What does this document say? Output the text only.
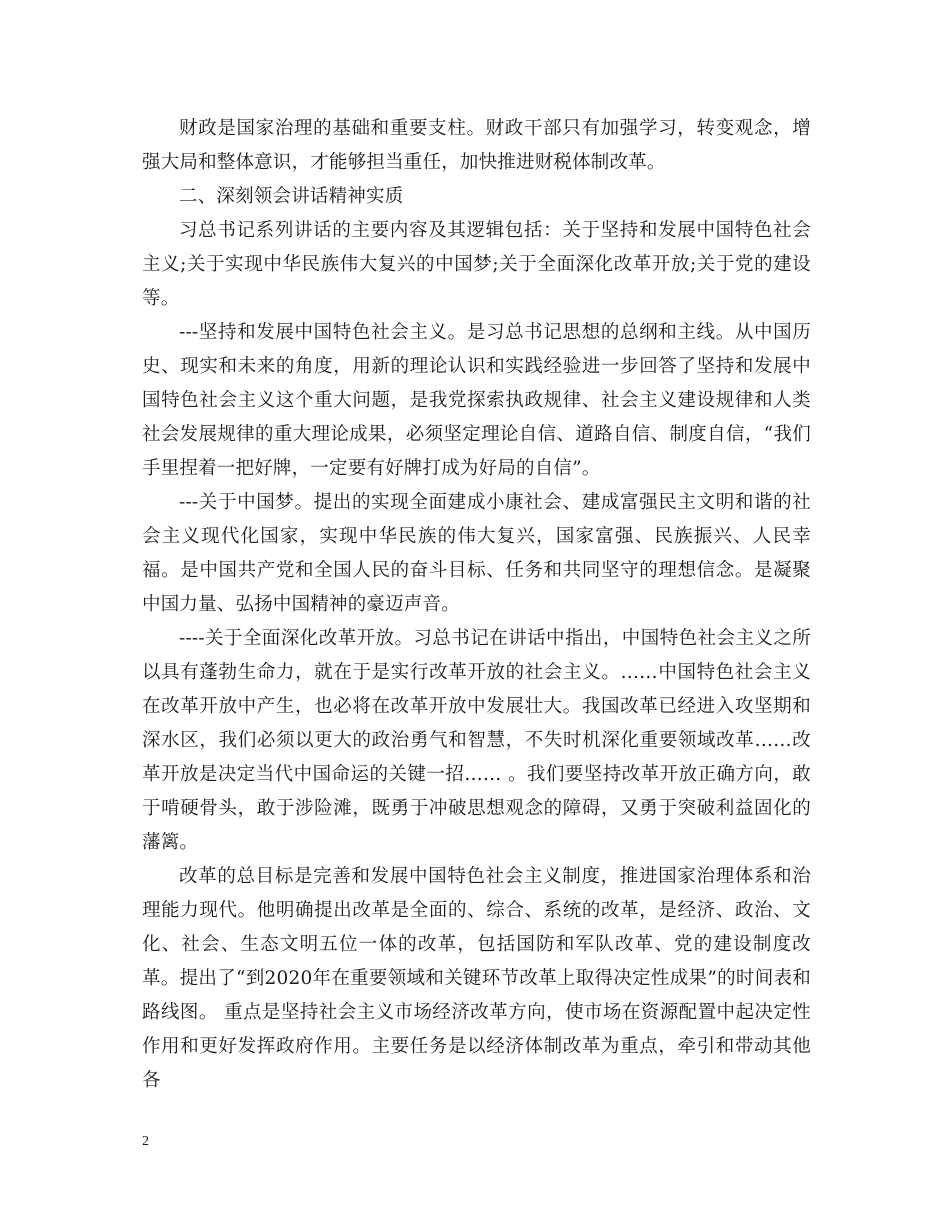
财政是国家治理的基础和重要支柱。财政干部只有加强学习，转变观念，增强大局和整体意识，才能够担当重任，加快推进财税体制改革。

二、深刻领会讲话精神实质

习总书记系列讲话的主要内容及其逻辑包括：关于坚持和发展中国特色社会主义;关于实现中华民族伟大复兴的中国梦;关于全面深化改革开放;关于党的建设等。

---坚持和发展中国特色社会主义。是习总书记思想的总纲和主线。从中国历史、现实和未来的角度，用新的理论认识和实践经验进一步回答了坚持和发展中国特色社会主义这个重大问题，是我党探索执政规律、社会主义建设规律和人类社会发展规律的重大理论成果，必须坚定理论自信、道路自信、制度自信，“我们手里捏着一把好牌，一定要有好牌打成为好局的自信”。

---关于中国梦。提出的实现全面建成小康社会、建成富强民主文明和谐的社会主义现代化国家，实现中华民族的伟大复兴，国家富强、民族振兴、人民幸福。是中国共产党和全国人民的奋斗目标、任务和共同坚守的理想信念。是凝聚中国力量、弘扬中国精神的豪迈声音。

----关于全面深化改革开放。习总书记在讲话中指出，中国特色社会主义之所以具有蓬勃生命力，就在于是实行改革开放的社会主义。……中国特色社会主义在改革开放中产生，也必将在改革开放中发展壮大。我国改革已经进入攻坚期和深水区，我们必须以更大的政治勇气和智慧，不失时机深化重要领域改革……改革开放是决定当代中国命运的关键一招…… 。我们要坚持改革开放正确方向，敢于啃硬骨头，敢于涉险滩，既勇于冲破思想观念的障碍，又勇于突破利益固化的藩篱。

改革的总目标是完善和发展中国特色社会主义制度，推进国家治理体系和治理能力现代。他明确提出改革是全面的、综合、系统的改革，是经济、政治、文化、社会、生态文明五位一体的改革，包括国防和军队改革、党的建设制度改革。提出了“到2020年在重要领域和关键环节改革上取得决定性成果”的时间表和路线图。 重点是坚持社会主义市场经济改革方向，使市场在资源配置中起决定性作用和更好发挥政府作用。主要任务是以经济体制改革为重点，牵引和带动其他各

2
